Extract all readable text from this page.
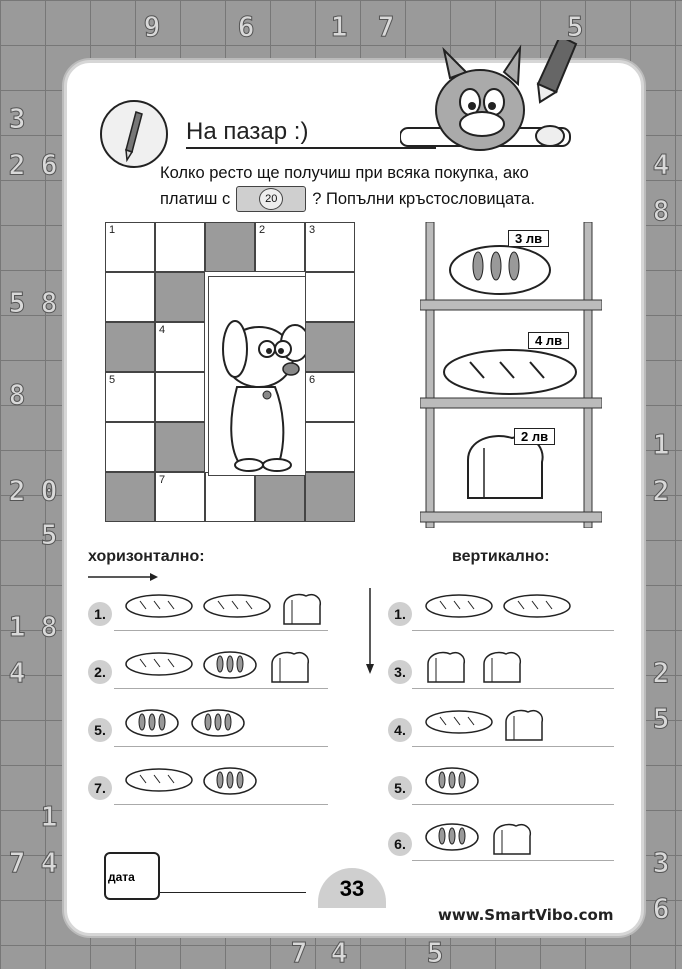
9	6	1 7	5
3
2 6
5 8
8
2 0
5
1 8
4
7 4
1
4
8
1
2
2
5
3
6
7 4	5
На пазар :)
Колко ресто ще получиш при всяка покупка, ако
платиш с	20	? Попълни кръстословицата.
1	2	3
4
5	6
7
3 лв
4 лв
2 лв
хоризонтално:	вертикално:
1.
2.
5.
7.
1.
3.
4.
5.
6.
дата	33
www.SmartVibo.com
